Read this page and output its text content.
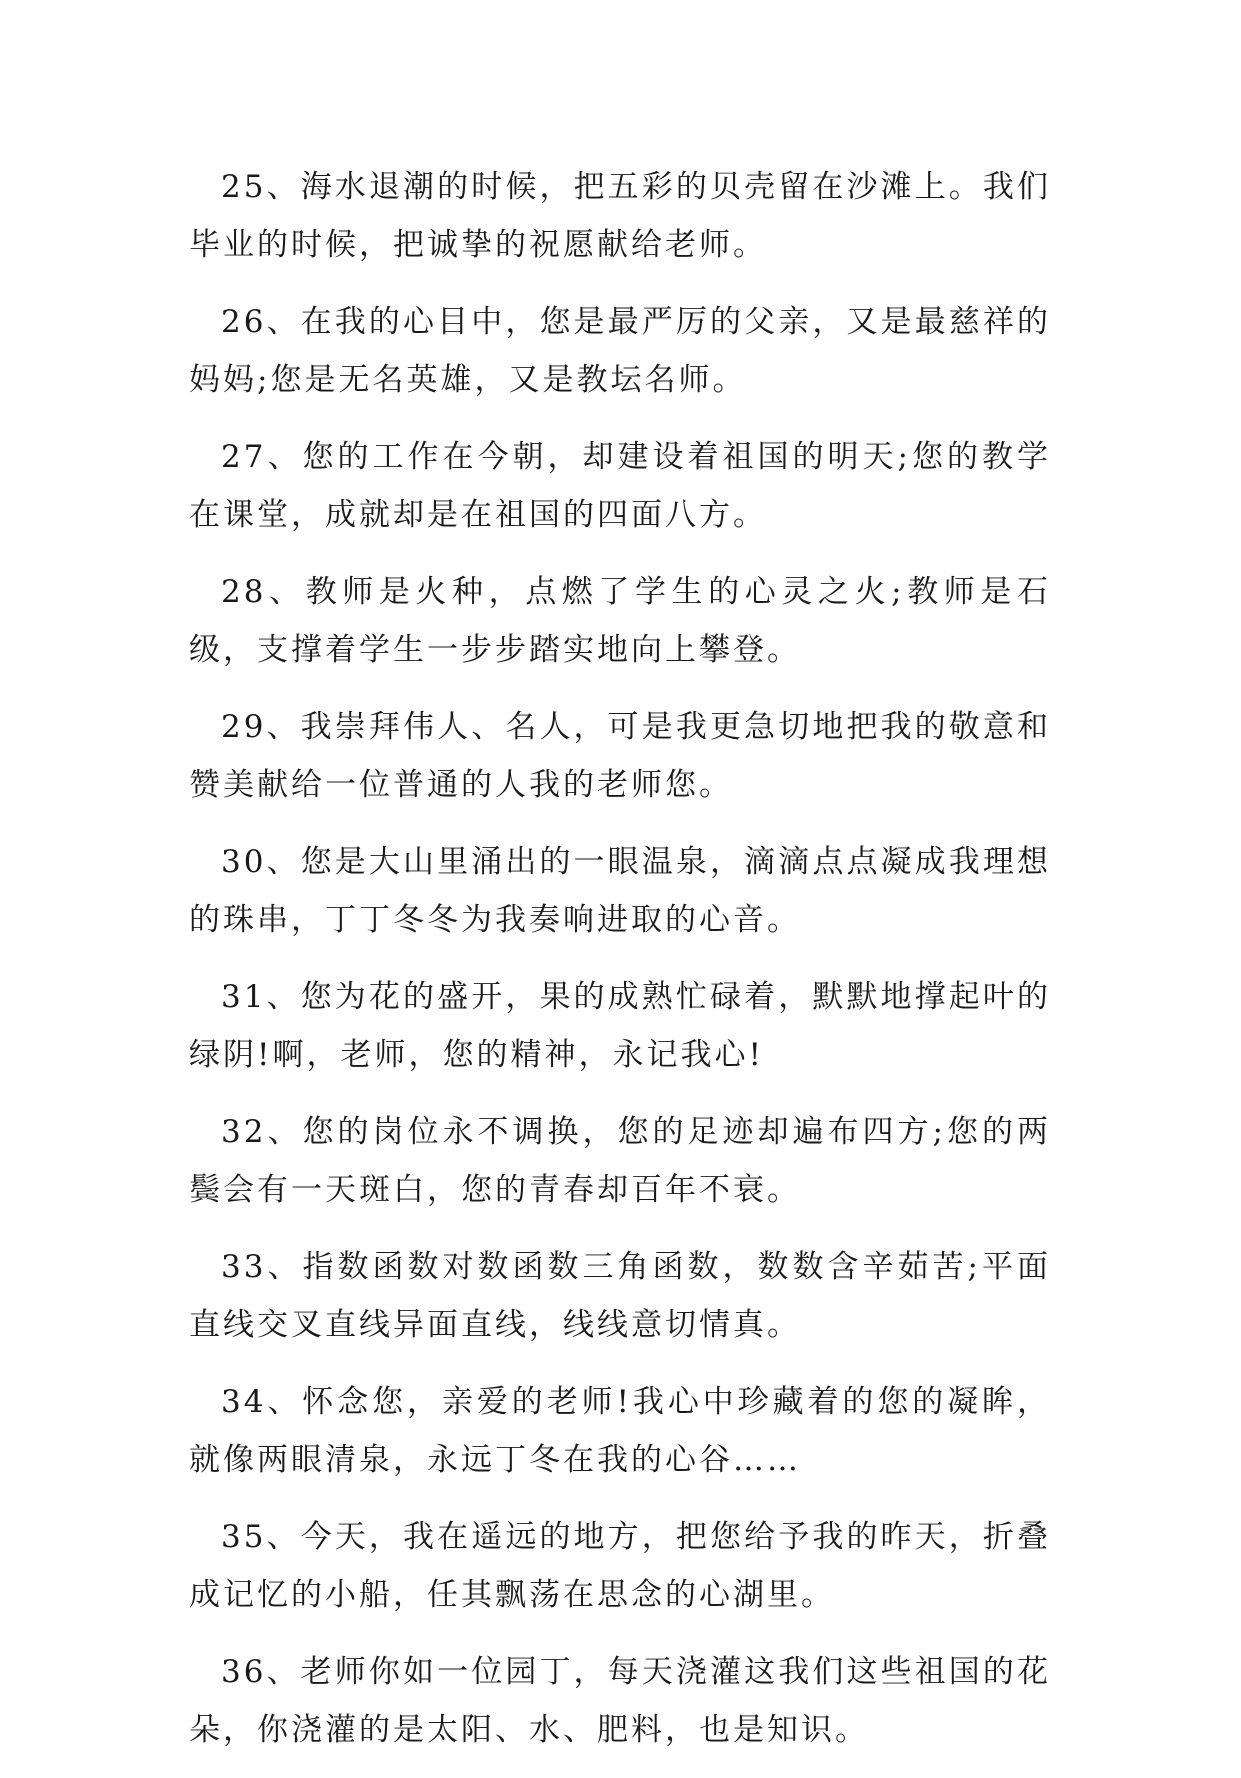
25、海水退潮的时候，把五彩的贝壳留在沙滩上。我们毕业的时候，把诚挚的祝愿献给老师。

26、在我的心目中，您是最严厉的父亲，又是最慈祥的妈妈;您是无名英雄，又是教坛名师。

27、您的工作在今朝，却建设着祖国的明天;您的教学在课堂，成就却是在祖国的四面八方。

28、教师是火种，点燃了学生的心灵之火;教师是石级，支撑着学生一步步踏实地向上攀登。

29、我崇拜伟人、名人，可是我更急切地把我的敬意和赞美献给一位普通的人我的老师您。

30、您是大山里涌出的一眼温泉，滴滴点点凝成我理想的珠串，丁丁冬冬为我奏响进取的心音。

31、您为花的盛开，果的成熟忙碌着，默默地撑起叶的绿阴!啊，老师，您的精神，永记我心!

32、您的岗位永不调换，您的足迹却遍布四方;您的两鬓会有一天斑白，您的青春却百年不衰。

33、指数函数对数函数三角函数，数数含辛茹苦;平面直线交叉直线异面直线，线线意切情真。

34、怀念您，亲爱的老师!我心中珍藏着的您的凝眸，就像两眼清泉，永远丁冬在我的心谷……

35、今天，我在遥远的地方，把您给予我的昨天，折叠成记忆的小船，任其飘荡在思念的心湖里。

36、老师你如一位园丁，每天浇灌这我们这些祖国的花朵，你浇灌的是太阳、水、肥料，也是知识。
